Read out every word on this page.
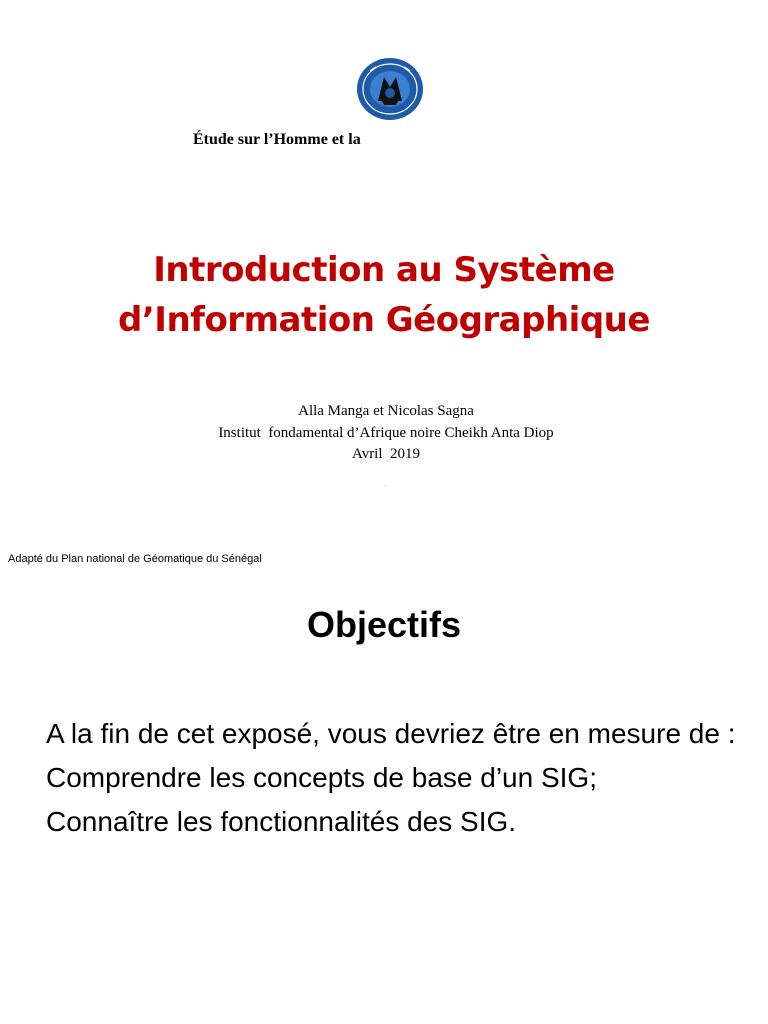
Étude sur l’Homme et la
Introduction au Système
d’Information Géographique
Alla Manga et Nicolas Sagna
Institut  fondamental d’Afrique noire Cheikh Anta Diop
Avril  2019
ˎ
Adapté du Plan national de Géomatique du Sénégal
Objectifs

A la fin de cet exposé, vous devriez être en mesure de :

Comprendre les concepts de base d’un SIG;

Connaître les fonctionnalités des SIG.
